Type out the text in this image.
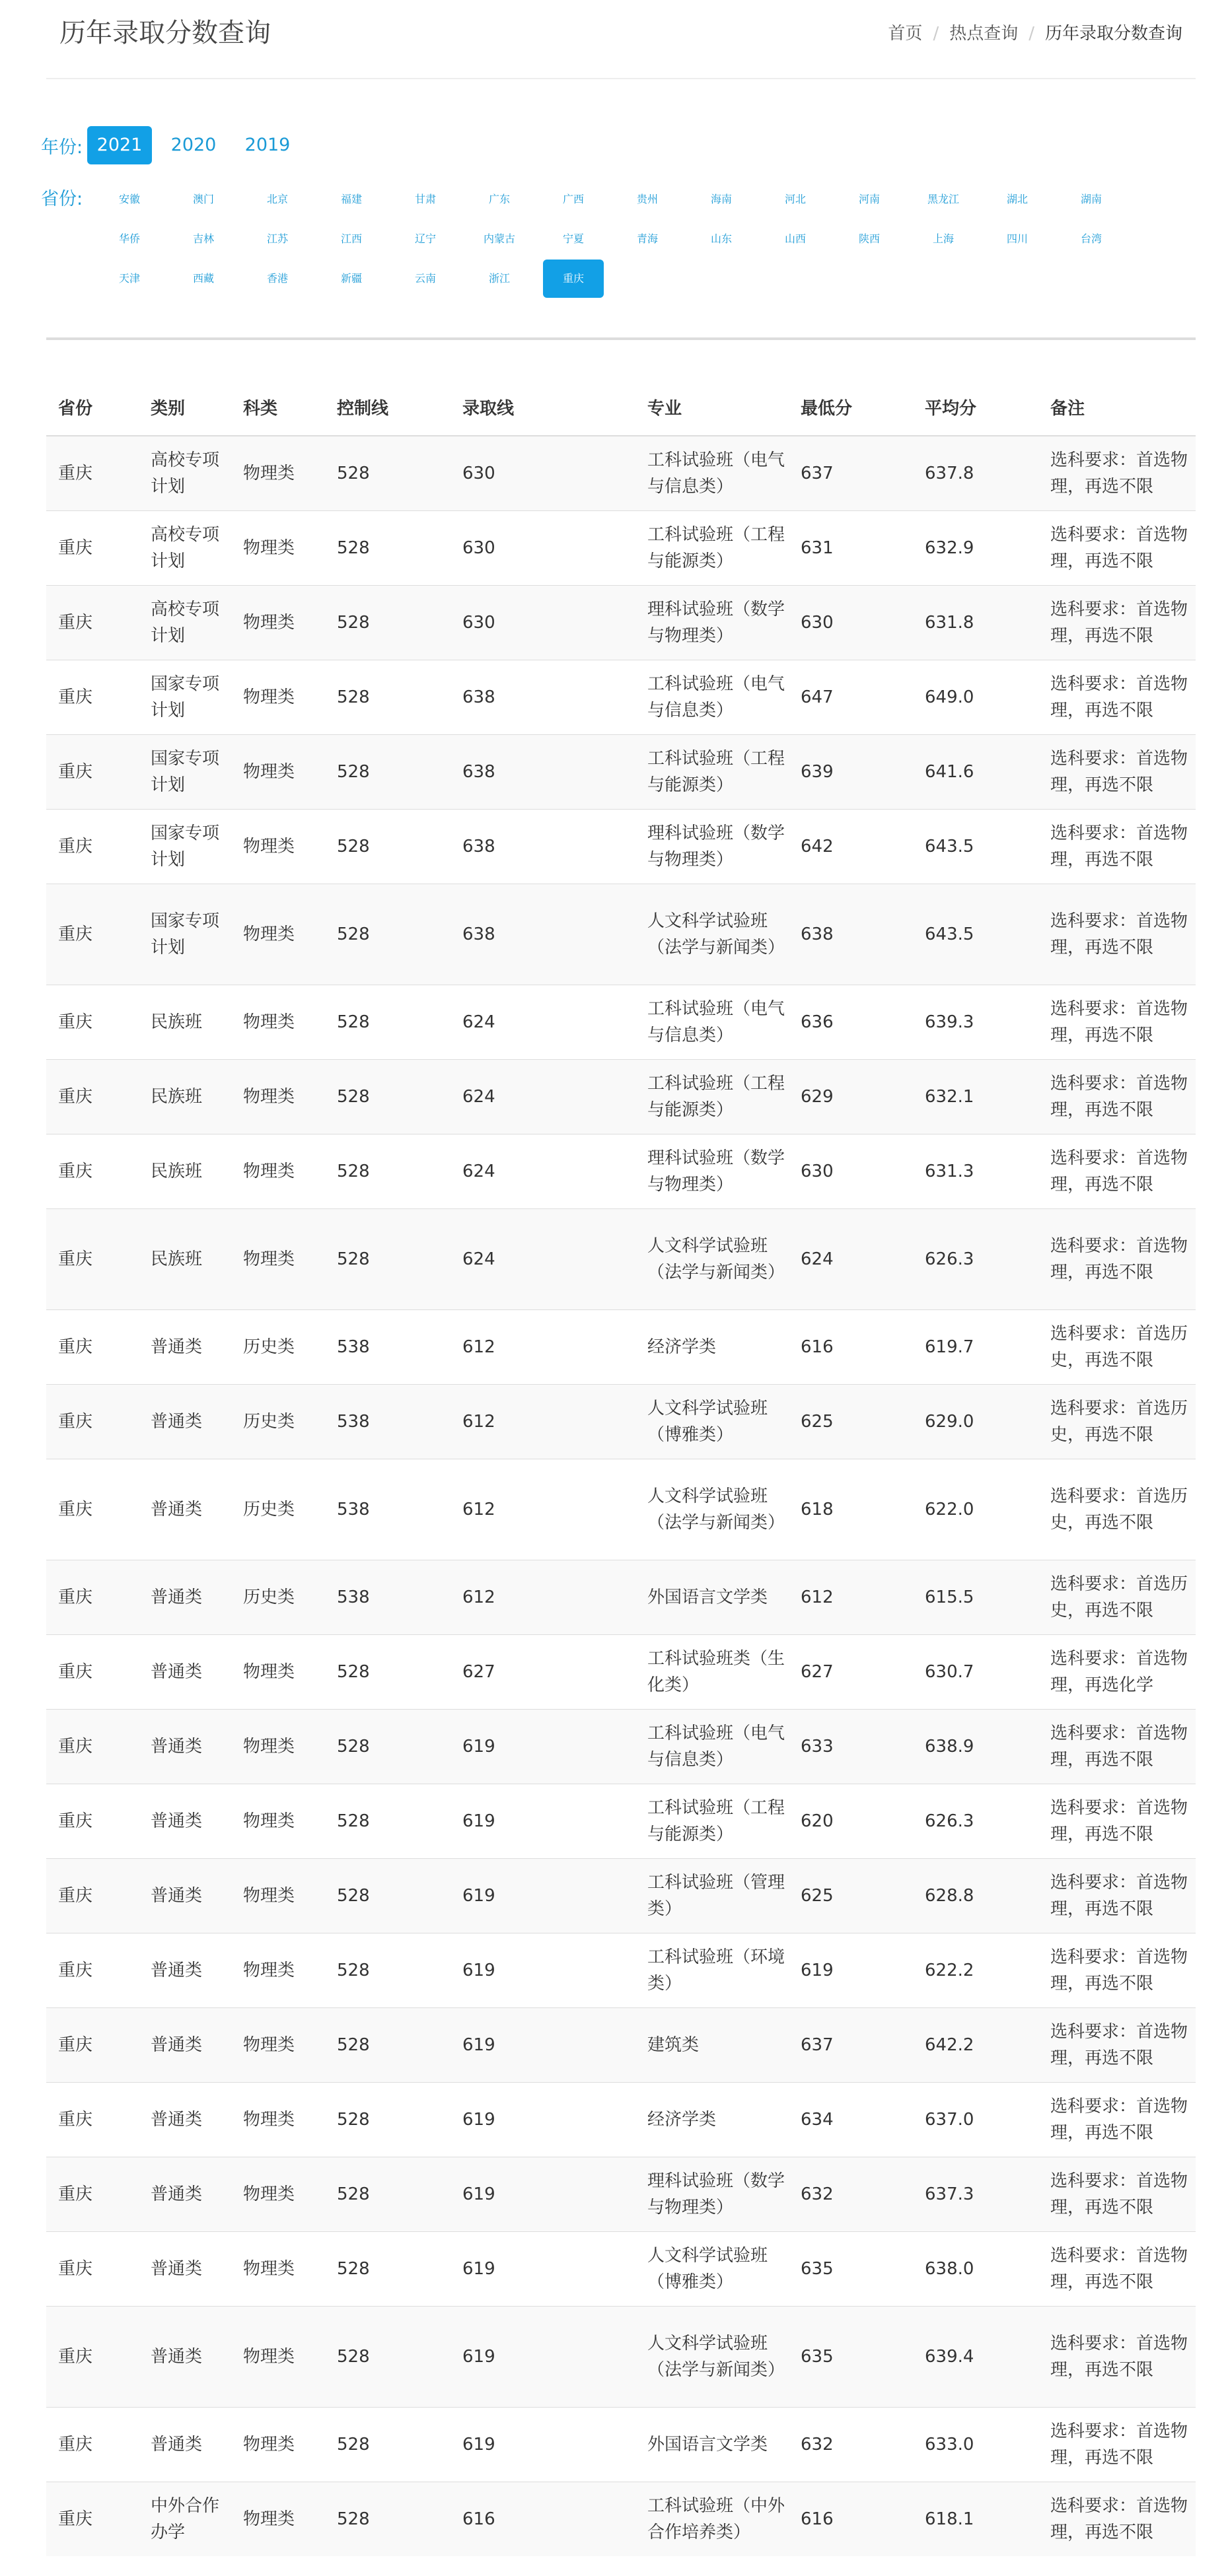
历年录取分数查询	首页 / 热点查询 / 历年录取分数查询
年份: 2021	2020	2019
省份:	安徽	澳门	北京	福建	甘肃	广东	广西	贵州	海南	河北	河南	黑龙江	湖北	湖南
华侨	吉林	江苏	江西	辽宁	内蒙古	宁夏	青海	山东	山西	陕西	上海	四川	台湾
天津	西藏	香港	新疆	云南	浙江	重庆
省份	类别	科类	控制线	录取线	专业	最低分	平均分	备注
重庆	高校专项计划	物理类	528	630	工科试验班（电气与信息类）	637	637.8	选科要求：首选物理，再选不限
重庆	高校专项计划	物理类	528	630	工科试验班（工程与能源类）	631	632.9	选科要求：首选物理，再选不限
重庆	高校专项计划	物理类	528	630	理科试验班（数学与物理类）	630	631.8	选科要求：首选物理，再选不限
重庆	国家专项计划	物理类	528	638	工科试验班（电气与信息类）	647	649.0	选科要求：首选物理，再选不限
重庆	国家专项计划	物理类	528	638	工科试验班（工程与能源类）	639	641.6	选科要求：首选物理，再选不限
重庆	国家专项计划	物理类	528	638	理科试验班（数学与物理类）	642	643.5	选科要求：首选物理，再选不限
重庆	国家专项计划	物理类	528	638	人文科学试验班（法学与新闻类）	638	643.5	选科要求：首选物理，再选不限
重庆	民族班	物理类	528	624	工科试验班（电气与信息类）	636	639.3	选科要求：首选物理，再选不限
重庆	民族班	物理类	528	624	工科试验班（工程与能源类）	629	632.1	选科要求：首选物理，再选不限
重庆	民族班	物理类	528	624	理科试验班（数学与物理类）	630	631.3	选科要求：首选物理，再选不限
重庆	民族班	物理类	528	624	人文科学试验班（法学与新闻类）	624	626.3	选科要求：首选物理，再选不限
重庆	普通类	历史类	538	612	经济学类	616	619.7	选科要求：首选历史，再选不限
重庆	普通类	历史类	538	612	人文科学试验班（博雅类）	625	629.0	选科要求：首选历史，再选不限
重庆	普通类	历史类	538	612	人文科学试验班（法学与新闻类）	618	622.0	选科要求：首选历史，再选不限
重庆	普通类	历史类	538	612	外国语言文学类	612	615.5	选科要求：首选历史，再选不限
重庆	普通类	物理类	528	627	工科试验班类（生化类）	627	630.7	选科要求：首选物理，再选化学
重庆	普通类	物理类	528	619	工科试验班（电气与信息类）	633	638.9	选科要求：首选物理，再选不限
重庆	普通类	物理类	528	619	工科试验班（工程与能源类）	620	626.3	选科要求：首选物理，再选不限
重庆	普通类	物理类	528	619	工科试验班（管理类）	625	628.8	选科要求：首选物理，再选不限
重庆	普通类	物理类	528	619	工科试验班（环境类）	619	622.2	选科要求：首选物理，再选不限
重庆	普通类	物理类	528	619	建筑类	637	642.2	选科要求：首选物理，再选不限
重庆	普通类	物理类	528	619	经济学类	634	637.0	选科要求：首选物理，再选不限
重庆	普通类	物理类	528	619	理科试验班（数学与物理类）	632	637.3	选科要求：首选物理，再选不限
重庆	普通类	物理类	528	619	人文科学试验班（博雅类）	635	638.0	选科要求：首选物理，再选不限
重庆	普通类	物理类	528	619	人文科学试验班（法学与新闻类）	635	639.4	选科要求：首选物理，再选不限
重庆	普通类	物理类	528	619	外国语言文学类	632	633.0	选科要求：首选物理，再选不限
重庆	中外合作办学	物理类	528	616	工科试验班（中外合作培养类）	616	618.1	选科要求：首选物理，再选不限
